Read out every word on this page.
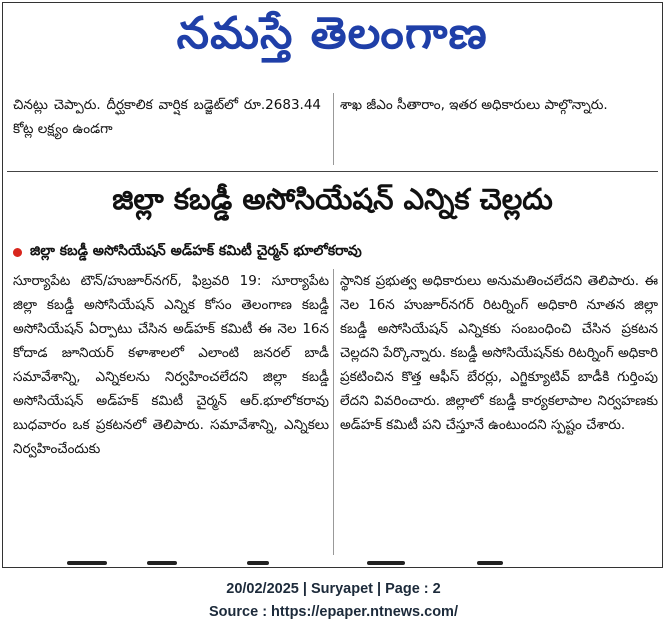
నమస్తే తెలంగాణ

చినట్లు చెప్పారు. దీర్ఘకాలిక వార్షిక బడ్జెట్‌లో రూ.2683.44 కోట్ల లక్ష్యం ఉండగా

శాఖ జీఎం సీతారాం, ఇతర అధికారులు పాల్గొన్నారు.

జిల్లా కబడ్డీ అసోసియేషన్‌ ఎన్నిక చెల్లదు
జిల్లా కబడ్డీ అసోసియేషన్‌ అడ్‌హక్‌ కమిటీ చైర్మన్‌ భూలోకరావు

సూర్యాపేట టౌన్‌/హుజూర్‌నగర్‌, ఫిబ్రవరి 19: సూర్యాపేట జిల్లా కబడ్డీ అసోసియేషన్‌ ఎన్నిక కోసం తెలంగాణ కబడ్డీ అసోసియేషన్‌ ఏర్పాటు చేసిన అడ్‌హక్‌ కమిటీ ఈ నెల 16న కోదాడ జూనియర్‌ కళాశాలలో ఎలాంటి జనరల్‌ బాడీ సమావేశాన్ని, ఎన్నికలను నిర్వహించలేదని జిల్లా కబడ్డీ అసోసియేషన్‌ అడ్‌హక్‌ కమిటీ చైర్మన్‌ ఆర్‌.భూలోకరావు బుధవారం ఒక ప్రకటనలో తెలిపారు. సమావేశాన్ని, ఎన్నికలు నిర్వహించేందుకు

స్థానిక ప్రభుత్వ అధికారులు అనుమతించలేదని తెలిపారు. ఈ నెల 16న హుజూర్‌నగర్‌ రిటర్నింగ్‌ అధికారి నూతన జిల్లా కబడ్డీ అసోసియేషన్‌ ఎన్నికకు సంబంధించి చేసిన ప్రకటన చెల్లదని పేర్కొన్నారు. కబడ్డీ అసోసియేషన్‌కు రిటర్నింగ్‌ అధికారి ప్రకటించిన కొత్త ఆఫీస్‌ బేరర్లు, ఎగ్జిక్యూటివ్‌ బాడీకి గుర్తింపు లేదని వివరించారు. జిల్లాలో కబడ్డీ కార్యకలాపాల నిర్వహణకు అడ్‌హక్‌ కమిటీ పని చేస్తూనే ఉంటుందని స్పష్టం చేశారు.

20/02/2025 | Suryapet | Page : 2
Source : https://epaper.ntnews.com/
